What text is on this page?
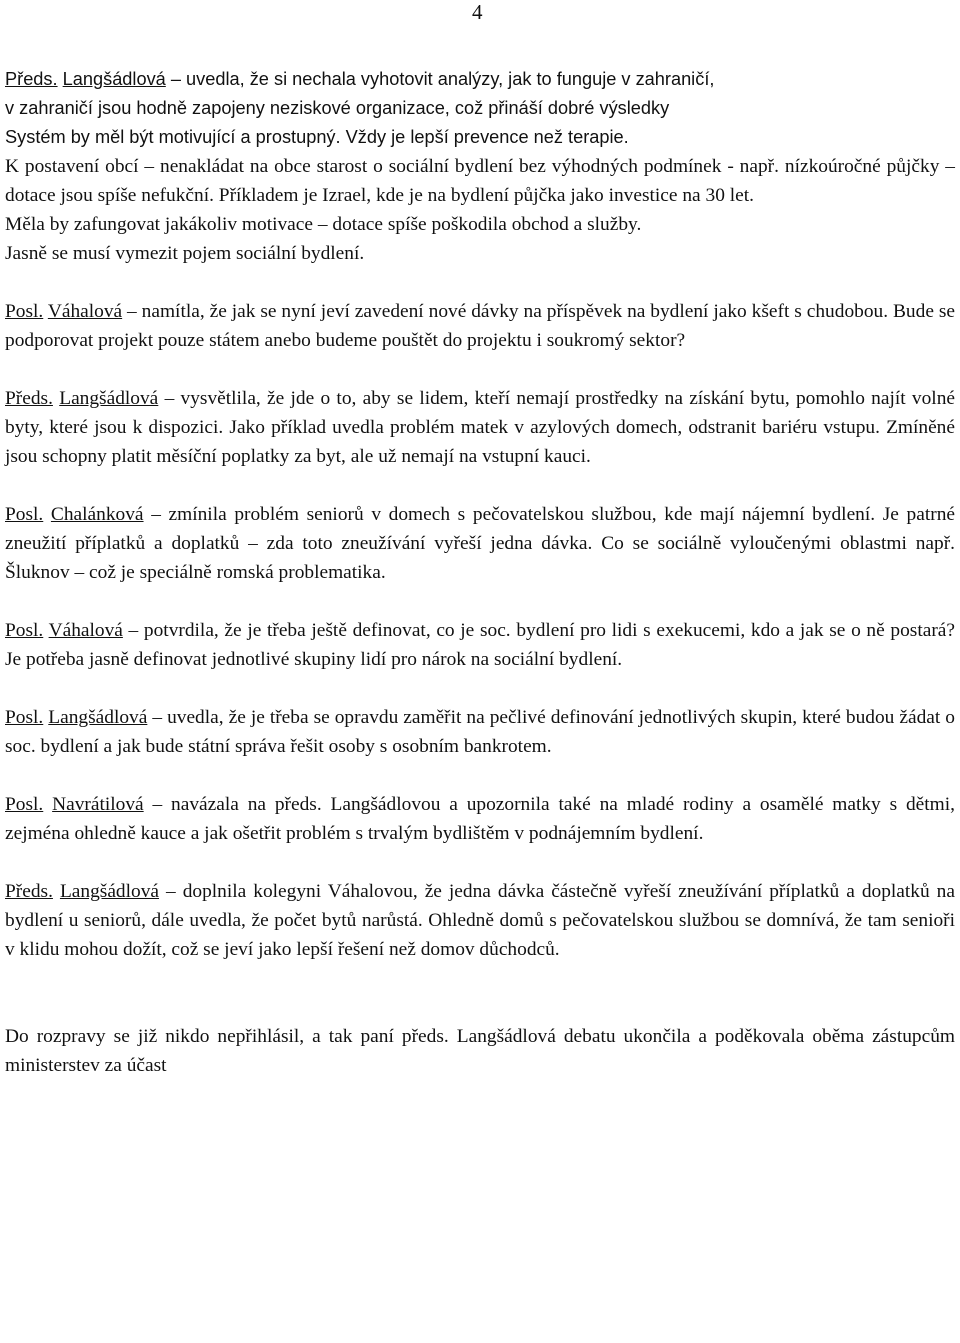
4

Předs. Langšádlová – uvedla, že si nechala vyhotovit analýzy, jak to funguje v zahraničí,
v zahraničí jsou hodně zapojeny neziskové organizace, což přináší dobré výsledky
Systém by měl být motivující a prostupný. Vždy je lepší prevence než terapie.

K postavení obcí – nenakládat na obce starost o sociální bydlení bez výhodných podmínek - např. nízkoúročné půjčky – dotace jsou spíše nefukční. Příkladem je Izrael, kde je na bydlení půjčka jako investice na 30 let.
Měla by zafungovat jakákoliv motivace – dotace spíše poškodila obchod a služby.
Jasně se musí vymezit pojem sociální bydlení.

Posl. Váhalová – namítla, že jak se nyní jeví zavedení nové dávky na příspěvek na bydlení jako kšeft s chudobou. Bude se podporovat projekt pouze státem anebo budeme pouštět do projektu i soukromý sektor?

Předs. Langšádlová – vysvětlila, že jde o to, aby se lidem, kteří nemají prostředky na získání bytu, pomohlo najít volné byty, které jsou k dispozici. Jako příklad uvedla problém matek v azylových domech, odstranit bariéru vstupu. Zmíněné jsou schopny platit měsíční poplatky za byt, ale už nemají na vstupní kauci.

Posl. Chalánková – zmínila problém seniorů v domech s pečovatelskou službou, kde mají nájemní bydlení. Je patrné zneužití příplatků a doplatků – zda toto zneužívání vyřeší jedna dávka. Co se sociálně vyloučenými oblastmi např. Šluknov – což je speciálně romská problematika.

Posl. Váhalová – potvrdila, že je třeba ještě definovat, co je soc. bydlení pro lidi s exekucemi, kdo a jak se o ně postará? Je potřeba jasně definovat jednotlivé skupiny lidí pro nárok na sociální bydlení.

Posl. Langšádlová – uvedla, že je třeba se opravdu zaměřit na pečlivé definování jednotlivých skupin, které budou žádat o soc. bydlení a jak bude státní správa řešit osoby s osobním bankrotem.

Posl. Navrátilová – navázala na předs. Langšádlovou a upozornila také na mladé rodiny a osamělé matky s dětmi, zejména ohledně kauce a jak ošetřit problém s trvalým bydlištěm v podnájemním bydlení.

Předs. Langšádlová – doplnila kolegyni Váhalovou, že jedna dávka částečně vyřeší zneužívání příplatků a doplatků na bydlení u seniorů, dále uvedla, že počet bytů narůstá. Ohledně domů s pečovatelskou službou se domnívá, že tam senioři v klidu mohou dožít, což se jeví jako lepší řešení než domov důchodců.

Do rozpravy se již nikdo nepřihlásil, a tak paní předs. Langšádlová debatu ukončila a poděkovala oběma zástupcům ministerstev za účast
